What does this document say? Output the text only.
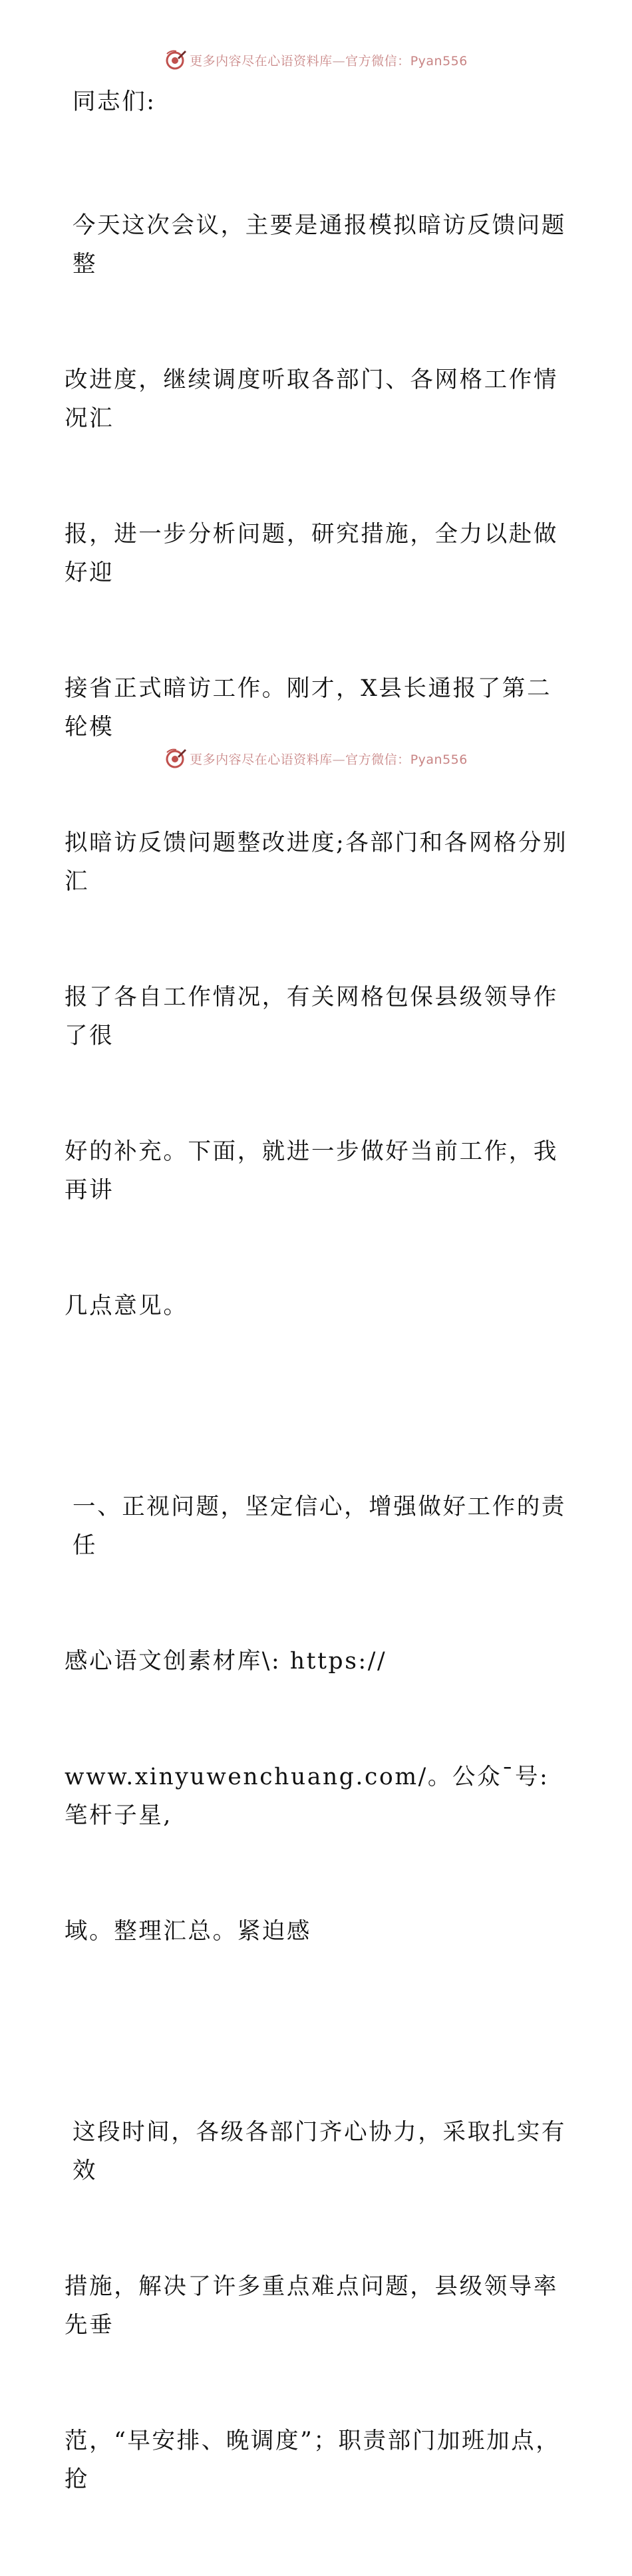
更多内容尽在心语资料库—官方微信：Pyan556

同志们:

今天这次会议，主要是通报模拟暗访反馈问题整

改进度，继续调度听取各部门、各网格工作情况汇

报，进一步分析问题，研究措施，全力以赴做好迎

接省正式暗访工作。刚才，X县长通报了第二轮模

拟暗访反馈问题整改进度;各部门和各网格分别汇

报了各自工作情况，有关网格包保县级领导作了很

好的补充。下面，就进一步做好当前工作，我再讲

几点意见。

一、正视问题，坚定信心，增强做好工作的责任

感心语文创素材库\: https://

www.xinyuwenchuang.com/。公众¯号: 笔杆子星,

域。整理汇总。紧迫感

这段时间，各级各部门齐心协力，采取扎实有效

措施，解决了许多重点难点问题，县级领导率先垂

范，“早安排、晚调度”；职责部门加班加点，抢

更多内容尽在心语资料库—官方微信：Pyan556
